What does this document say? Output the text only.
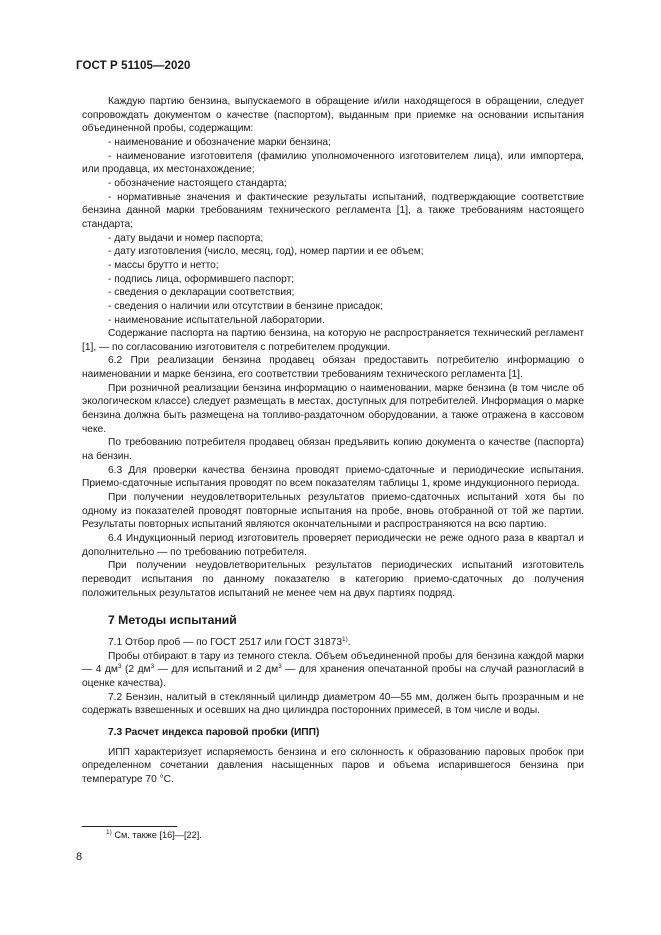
ГОСТ Р 51105—2020

Каждую партию бензина, выпускаемого в обращение и/или находящегося в обращении, следует сопровождать документом о качестве (паспортом), выданным при приемке на основании испытания объединенной пробы, содержащим:

- наименование и обозначение марки бензина;

- наименование изготовителя (фамилию уполномоченного изготовителем лица), или импортера, или продавца, их местонахождение;

- обозначение настоящего стандарта;

- нормативные значения и фактические результаты испытаний, подтверждающие соответствие бензина данной марки требованиям технического регламента [1], а также требованиям настоящего стандарта;

- дату выдачи и номер паспорта;

- дату изготовления (число, месяц, год), номер партии и ее объем;

- массы брутто и нетто;

- подпись лица, оформившего паспорт;

- сведения о декларации соответствия;

- сведения о наличии или отсутствии в бензине присадок;

- наименование испытательной лаборатории.

Содержание паспорта на партию бензина, на которую не распространяется технический регламент [1], — по согласованию изготовителя с потребителем продукции.

6.2 При реализации бензина продавец обязан предоставить потребителю информацию о наименовании и марке бензина, его соответствии требованиям технического регламента [1].

При розничной реализации бензина информацию о наименовании, марке бензина (в том числе об экологическом классе) следует размещать в местах, доступных для потребителей. Информация о марке бензина должна быть размещена на топливо-раздаточном оборудовании, а также отражена в кассовом чеке.

По требованию потребителя продавец обязан предъявить копию документа о качестве (паспорта) на бензин.

6.3 Для проверки качества бензина проводят приемо-сдаточные и периодические испытания. Приемо-сдаточные испытания проводят по всем показателям таблицы 1, кроме индукционного периода.

При получении неудовлетворительных результатов приемо-сдаточных испытаний хотя бы по одному из показателей проводят повторные испытания на пробе, вновь отобранной от той же партии. Результаты повторных испытаний являются окончательными и распространяются на всю партию.

6.4 Индукционный период изготовитель проверяет периодически не реже одного раза в квартал и дополнительно — по требованию потребителя.

При получении неудовлетворительных результатов периодических испытаний изготовитель переводит испытания по данному показателю в категорию приемо-сдаточных до получения положительных результатов испытаний не менее чем на двух партиях подряд.

7 Методы испытаний

7.1 Отбор проб — по ГОСТ 2517 или ГОСТ 31873$^{1)}$.

Пробы отбирают в тару из темного стекла. Объем объединенной пробы для бензина каждой марки — 4 $дм^3$ (2 $дм^3$ — для испытаний и 2 $дм^3$ — для хранения опечатанной пробы на случай разногласий в оценке качества).

7.2 Бензин, налитый в стеклянный цилиндр диаметром 40—55 мм, должен быть прозрачным и не содержать взвешенных и осевших на дно цилиндра посторонних примесей, в том числе и воды.

7.3 Расчет индекса паровой пробки (ИПП)

ИПП характеризует испаряемость бензина и его склонность к образованию паровых пробок при определенном сочетании давления насыщенных паров и объема испарившегося бензина при температуре 70 °С.

$^{1)}$ См. также [16]—[22].
8
